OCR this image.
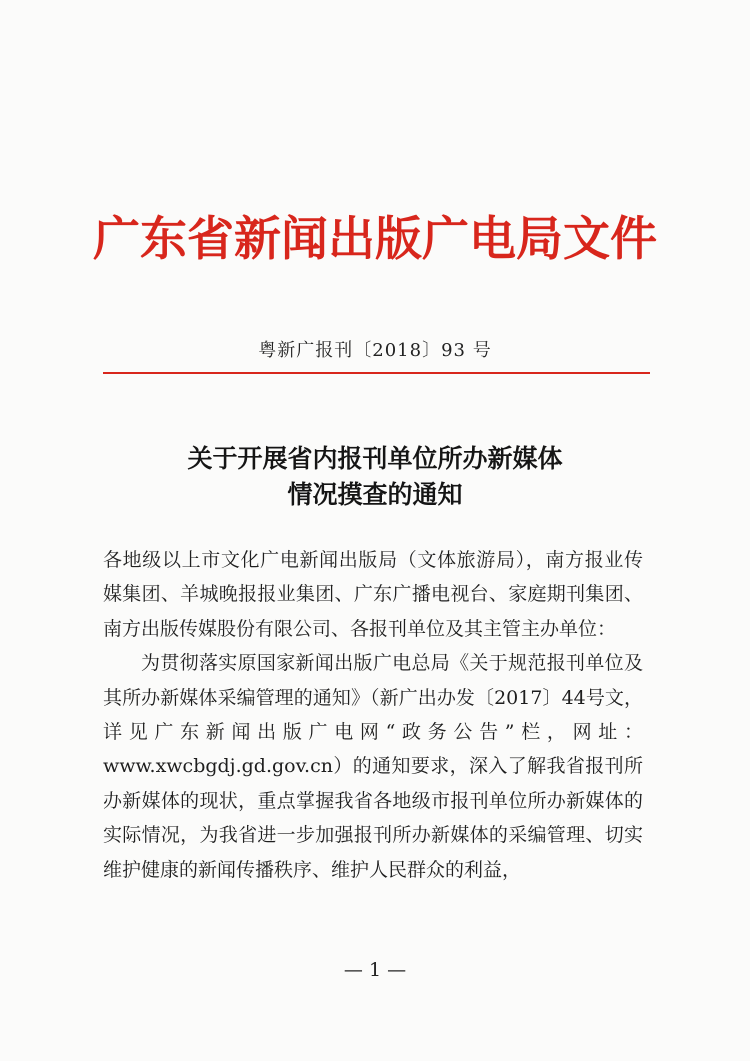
广东省新闻出版广电局文件
粤新广报刊〔2018〕93 号
关于开展省内报刊单位所办新媒体
情况摸查的通知

各地级以上市文化广电新闻出版局（文体旅游局），南方报业传媒集团、羊城晚报报业集团、广东广播电视台、家庭期刊集团、南方出版传媒股份有限公司、各报刊单位及其主管主办单位：

为贯彻落实原国家新闻出版广电总局《关于规范报刊单位及其所办新媒体采编管理的通知》（新广出办发〔2017〕44号文，详见广东新闻出版广电网“政务公告”栏，网址：www.xwcbgdj.gd.gov.cn）的通知要求，深入了解我省报刊所办新媒体的现状，重点掌握我省各地级市报刊单位所办新媒体的实际情况，为我省进一步加强报刊所办新媒体的采编管理、切实维护健康的新闻传播秩序、维护人民群众的利益，

— 1 —
